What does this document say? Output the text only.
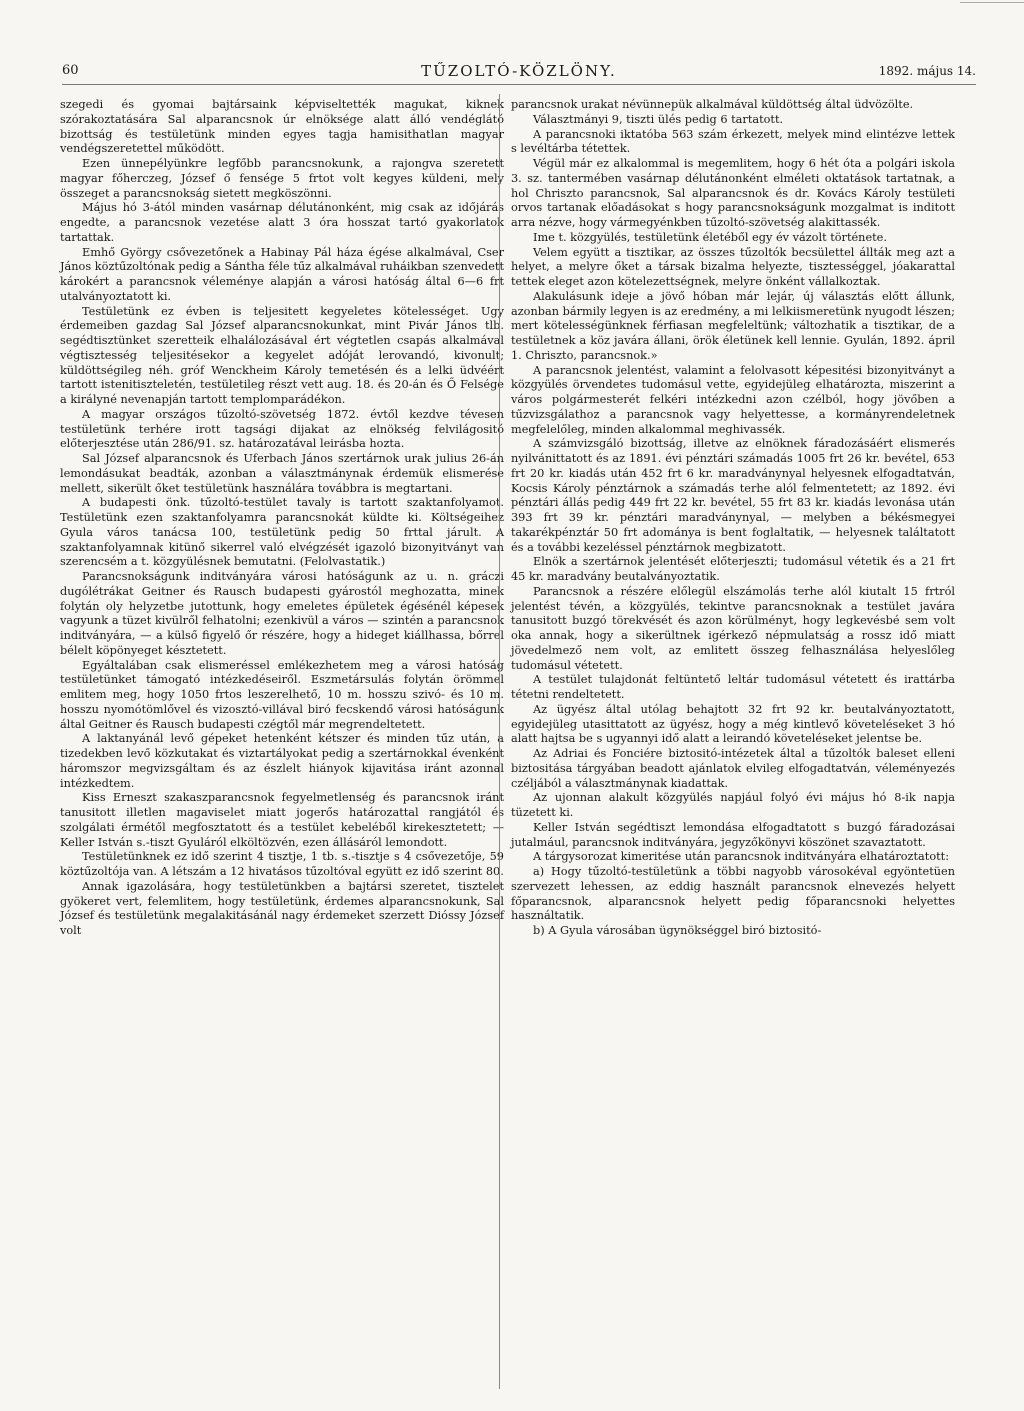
60	TŰZOLTÓ-KÖZLÖNY.	1892. május 14.

szegedi és gyomai bajtársaink képviseltették magukat, kiknek szórakoztatására Sal alparancsnok úr elnöksége alatt álló vendéglátó bizottság és testületünk minden egyes tagja hamisithatlan magyar vendégszeretettel működött.

Ezen ünnepélyünkre legfőbb parancsnokunk, a rajongva szeretett magyar főherczeg, József ő fensége 5 frtot volt kegyes küldeni, mely összeget a parancsnokság sietett megköszönni.

Május hó 3-ától minden vasárnap délutánonként, mig csak az időjárás engedte, a parancsnok vezetése alatt 3 óra hosszat tartó gyakorlatok tartattak.

Emhő György csővezetőnek a Habinay Pál háza égése alkalmával, Cser János köztűzoltónak pedig a Sántha féle tűz alkalmával ruháikban szenvedett károkért a parancsnok véleménye alapján a városi hatóság által 6—6 frt utalványoztatott ki.

Testületünk ez évben is teljesitett kegyeletes kötelességet. Ugy érdemeiben gazdag Sal József alparancsnokunkat, mint Pivár János tlb. segédtisztünket szeretteik elhalálozásával ért végtetlen csapás alkalmával végtisztesség teljesitésekor a kegyelet adóját lerovandó, kivonult; küldöttségileg néh. gróf Wenckheim Károly temetésén és a lelki üdvéért tartott istenitiszteletén, testületileg részt vett aug. 18. és 20-án és Ő Felsége a királyné nevenapján tartott templomparádékon.

A magyar országos tűzoltó-szövetség 1872. évtől kezdve tévesen testületünk terhére irott tagsági dijakat az elnökség felvilágositó előterjesztése után 286/91. sz. határozatával leirásba hozta.

Sal József alparancsnok és Uferbach János szertárnok urak julius 26-án lemondásukat beadták, azonban a választmánynak érdemük elismerése mellett, sikerült őket testületünk használára továbbra is megtartani.

A budapesti önk. tűzoltó-testület tavaly is tartott szaktanfolyamot. Testületünk ezen szaktanfolyamra parancsnokát küldte ki. Költségeihez Gyula város tanácsa 100, testületünk pedig 50 frttal járult. A szaktanfolyamnak kitünő sikerrel való elvégzését igazoló bizonyitványt van szerencsém a t. közgyülésnek bemutatni. (Felolvastatik.)

Parancsnokságunk inditványára városi hatóságunk az u. n. gráczi dugólétrákat Geitner és Rausch budapesti gyárostól meghozatta, minek folytán oly helyzetbe jutottunk, hogy emeletes épületek égésénél képesek vagyunk a tüzet kivülről felhatolni; ezenkivül a város — szintén a parancsnok inditványára, — a külső figyelő őr részére, hogy a hideget kiállhassa, bőrrel bélelt köpönyeget késztetett.

Egyáltalában csak elismeréssel emlékezhetem meg a városi hatóság testületünket támogató intézkedéseiről. Eszmetársulás folytán örömmel emlitem meg, hogy 1050 frtos leszerelhető, 10 m. hosszu szivó- és 10 m. hosszu nyomótömlővel és vizosztó-villával biró fecskendő városi hatóságunk által Geitner és Rausch budapesti czégtől már megrendeltetett.

A laktanyánál levő gépeket hetenként kétszer és minden tűz után, a tizedekben levő közkutakat és viztartályokat pedig a szertárnokkal évenként háromszor megvizsgáltam és az észlelt hiányok kijavitása iránt azonnal intézkedtem.

Kiss Erneszt szakaszparancsnok fegyelmetlenség és parancsnok iránt tanusitott illetlen magaviselet miatt jogerős határozattal rangjától és szolgálati érmétől megfosztatott és a testület kebeléből kirekesztetett; — Keller István s.-tiszt Gyuláról elköltözvén, ezen állásáról lemondott.

Testületünknek ez idő szerint 4 tisztje, 1 tb. s.-tisztje s 4 csővezetője, 59 köztűzoltója van. A létszám a 12 hivatásos tűzoltóval együtt ez idő szerint 80.

Annak igazolására, hogy testületünkben a bajtársi szeretet, tisztelet gyökeret vert, felemlitem, hogy testületünk, érdemes alparancsnokunk, Sal József és testületünk megalakitásánál nagy érdemeket szerzett Dióssy József volt

parancsnok urakat névünnepük alkalmával küldöttség által üdvözölte.

Választmányi 9, tiszti ülés pedig 6 tartatott.

A parancsnoki iktatóba 563 szám érkezett, melyek mind elintézve lettek s levéltárba tétettek.

Végül már ez alkalommal is megemlitem, hogy 6 hét óta a polgári iskola 3. sz. tantermében vasárnap délutánonként elméleti oktatások tartatnak, a hol Chriszto parancsnok, Sal alparancsnok és dr. Kovács Károly testületi orvos tartanak előadásokat s hogy parancsnokságunk mozgalmat is inditott arra nézve, hogy vármegyénkben tűzoltó-szövetség alakittassék.

Ime t. közgyülés, testületünk életéből egy év vázolt története.

Velem együtt a tisztikar, az összes tűzoltók becsülettel állták meg azt a helyet, a melyre őket a társak bizalma helyezte, tisztességgel, jóakarattal tettek eleget azon kötelezettségnek, melyre önként vállalkoztak.

Alakulásunk ideje a jövő hóban már lejár, új választás előtt állunk, azonban bármily legyen is az eredmény, a mi lelkiismeretünk nyugodt lészen; mert kötelességünknek férfiasan megfeleltünk; változhatik a tisztikar, de a testületnek a köz javára állani, örök életünek kell lennie. Gyulán, 1892. ápril 1. Chriszto, parancsnok.»

A parancsnok jelentést, valamint a felolvasott képesitési bizonyitványt a közgyülés örvendetes tudomásul vette, egyidejüleg elhatározta, miszerint a város polgármesterét felkéri intézkedni azon czélból, hogy jövőben a tűzvizsgálathoz a parancsnok vagy helyettesse, a kormányrendeletnek megfelelőleg, minden alkalommal meghivassék.

A számvizsgáló bizottság, illetve az elnöknek fáradozásáért elismerés nyilvánittatott és az 1891. évi pénztári számadás 1005 frt 26 kr. bevétel, 653 frt 20 kr. kiadás után 452 frt 6 kr. maradványnyal helyesnek elfogadtatván, Kocsis Károly pénztárnok a számadás terhe alól felmentetett; az 1892. évi pénztári állás pedig 449 frt 22 kr. bevétel, 55 frt 83 kr. kiadás levonása után 393 frt 39 kr. pénztári maradványnyal, — melyben a békésmegyei takarékpénztár 50 frt adománya is bent foglaltatik, — helyesnek találtatott és a további kezeléssel pénztárnok megbizatott.

Elnök a szertárnok jelentését előterjeszti; tudomásul vétetik és a 21 frt 45 kr. maradvány beutalványoztatik.

Parancsnok a részére előlegül elszámolás terhe alól kiutalt 15 frtról jelentést tévén, a közgyülés, tekintve parancsnoknak a testület javára tanusitott buzgó törekvését és azon körülményt, hogy legkevésbé sem volt oka annak, hogy a sikerültnek igérkező népmulatság a rossz idő miatt jövedelmező nem volt, az emlitett összeg felhasználása helyeslőleg tudomásul vétetett.

A testület tulajdonát feltüntető leltár tudomásul vétetett és irattárba tétetni rendeltetett.

Az ügyész által utólag behajtott 32 frt 92 kr. beutalványoztatott, egyidejüleg utasittatott az ügyész, hogy a még kintlevő követeléseket 3 hó alatt hajtsa be s ugyannyi idő alatt a leirandó követeléseket jelentse be.

Az Adriai és Fonciére biztositó-intézetek által a tűzoltók baleset elleni biztositása tárgyában beadott ajánlatok elvileg elfogadtatván, véleményezés czéljából a választmánynak kiadattak.

Az ujonnan alakult közgyülés napjául folyó évi május hó 8-ik napja tüzetett ki.

Keller István segédtiszt lemondása elfogadtatott s buzgó fáradozásai jutalmául, parancsnok inditványára, jegyzőkönyvi köszönet szavaztatott.

A tárgysorozat kimeritése után parancsnok inditványára elhatároztatott:

a) Hogy tűzoltó-testületünk a többi nagyobb városokéval egyöntetüen szervezett lehessen, az eddig használt parancsnok elnevezés helyett főparancsnok, alparancsnok helyett pedig főparancsnoki helyettes használtatik.

b) A Gyula városában ügynökséggel biró biztositó-
